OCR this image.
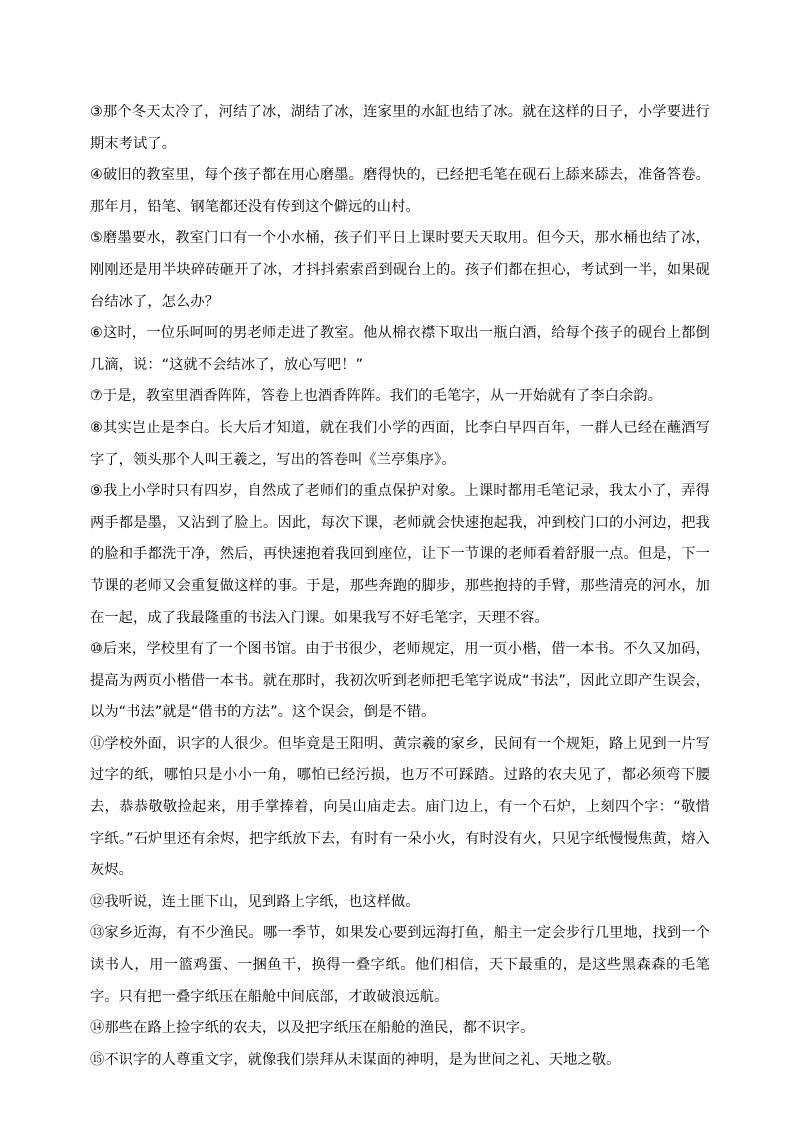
③那个冬天太冷了，河结了冰，湖结了冰，连家里的水缸也结了冰。就在这样的日子，小学要进行期末考试了。

④破旧的教室里，每个孩子都在用心磨墨。磨得快的，已经把毛笔在砚石上舔来舔去，准备答卷。那年月，铅笔、钢笔都还没有传到这个僻远的山村。

⑤磨墨要水，教室门口有一个小水桶，孩子们平日上课时要天天取用。但今天，那水桶也结了冰，刚刚还是用半块碎砖砸开了冰，才抖抖索索舀到砚台上的。孩子们都在担心，考试到一半，如果砚台结冰了，怎么办？

⑥这时，一位乐呵呵的男老师走进了教室。他从棉衣襟下取出一瓶白酒，给每个孩子的砚台上都倒几滴，说：“这就不会结冰了，放心写吧！”

⑦于是，教室里酒香阵阵，答卷上也酒香阵阵。我们的毛笔字，从一开始就有了李白余韵。

⑧其实岂止是李白。长大后才知道，就在我们小学的西面，比李白早四百年，一群人已经在蘸酒写字了，领头那个人叫王羲之，写出的答卷叫《兰亭集序》。

⑨我上小学时只有四岁，自然成了老师们的重点保护对象。上课时都用毛笔记录，我太小了，弄得两手都是墨，又沾到了脸上。因此，每次下课，老师就会快速抱起我，冲到校门口的小河边，把我的脸和手都洗干净，然后，再快速抱着我回到座位，让下一节课的老师看着舒服一点。但是，下一节课的老师又会重复做这样的事。于是，那些奔跑的脚步，那些抱持的手臂，那些清亮的河水，加在一起，成了我最隆重的书法入门课。如果我写不好毛笔字，天理不容。

⑩后来，学校里有了一个图书馆。由于书很少，老师规定，用一页小楷，借一本书。不久又加码，提高为两页小楷借一本书。就在那时，我初次听到老师把毛笔字说成“书法”，因此立即产生误会，以为“书法”就是“借书的方法”。这个误会，倒是不错。

⑪学校外面，识字的人很少。但毕竟是王阳明、黄宗羲的家乡，民间有一个规矩，路上见到一片写过字的纸，哪怕只是小小一角，哪怕已经污损，也万不可踩踏。过路的农夫见了，都必须弯下腰去，恭恭敬敬捡起来，用手掌捧着，向吴山庙走去。庙门边上，有一个石炉，上刻四个字：“敬惜字纸。”石炉里还有余烬，把字纸放下去，有时有一朵小火，有时没有火，只见字纸慢慢焦黄，熔入灰烬。

⑫我听说，连土匪下山，见到路上字纸，也这样做。

⑬家乡近海，有不少渔民。哪一季节，如果发心要到远海打鱼，船主一定会步行几里地，找到一个读书人，用一篮鸡蛋、一捆鱼干，换得一叠字纸。他们相信，天下最重的，是这些黑森森的毛笔字。只有把一叠字纸压在船舱中间底部，才敢破浪远航。

⑭那些在路上捡字纸的农夫，以及把字纸压在船舱的渔民，都不识字。

⑮不识字的人尊重文字，就像我们崇拜从未谋面的神明，是为世间之礼、天地之敬。
